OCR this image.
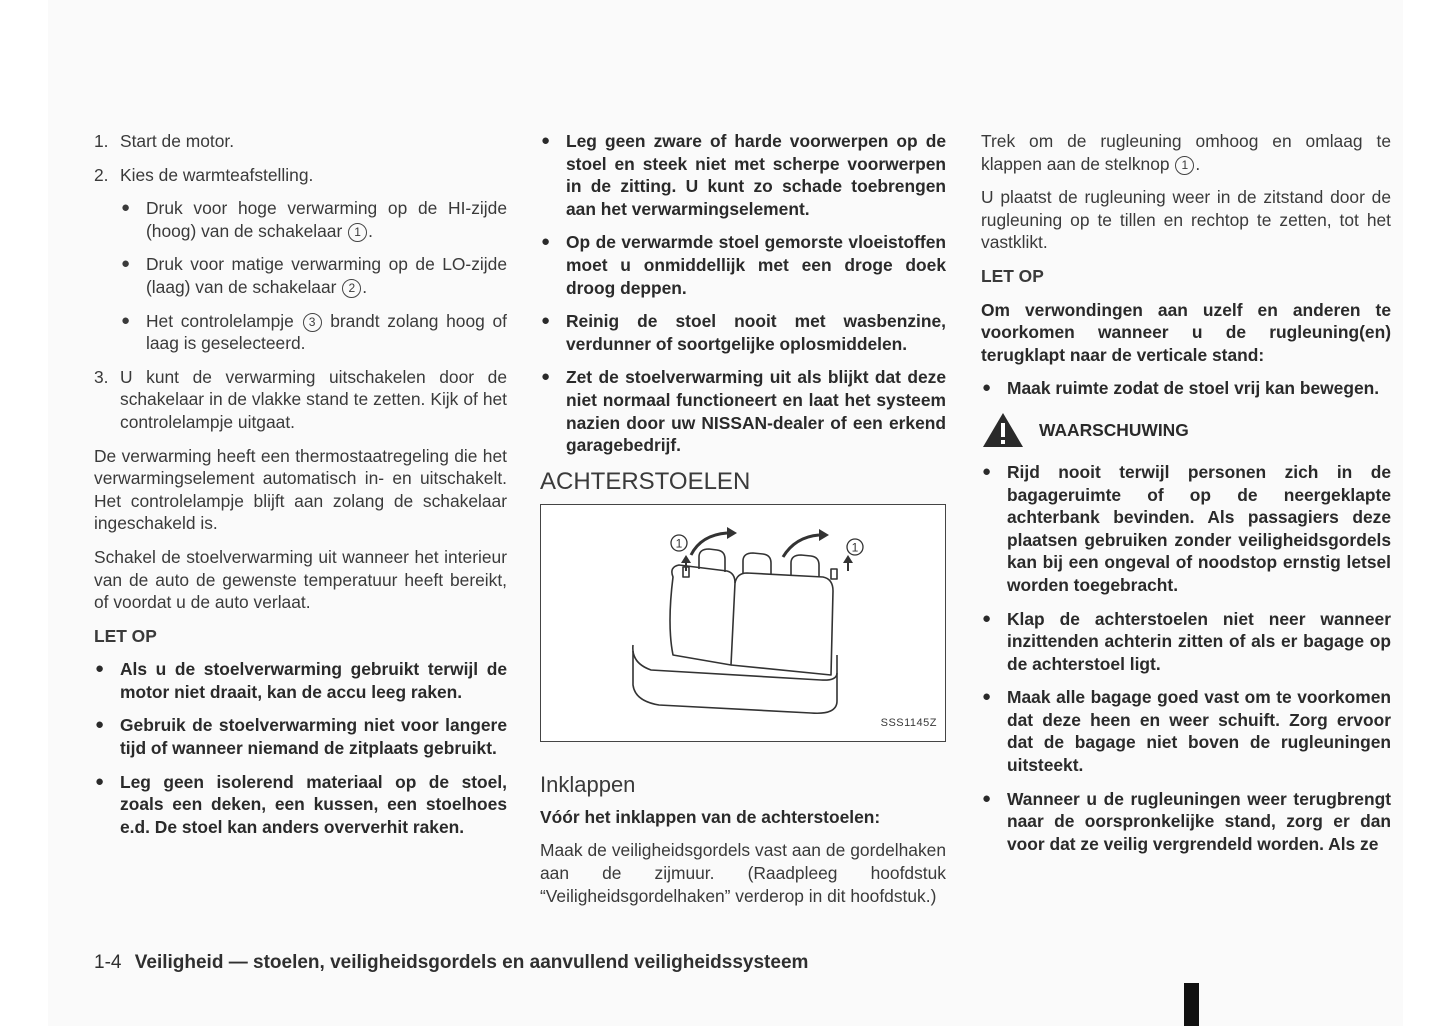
1. Start de motor.
2. Kies de warmteafstelling.
● Druk voor hoge verwarming op de HI-zijde (hoog) van de schakelaar 1 .
● Druk voor matige verwarming op de LO-zijde (laag) van de schakelaar 2 .
● Het controlelampje 3 brandt zolang hoog of laag is geselecteerd.
3. U kunt de verwarming uitschakelen door de schakelaar in de vlakke stand te zetten. Kijk of het controlelampje uitgaat.

De verwarming heeft een thermostaatregeling die het verwarmingselement automatisch in- en uitschakelt. Het controlelampje blijft aan zolang de schakelaar ingeschakeld is.

Schakel de stoelverwarming uit wanneer het interieur van de auto de gewenste temperatuur heeft bereikt, of voordat u de auto verlaat.

LET OP
● Als u de stoelverwarming gebruikt terwijl de motor niet draait, kan de accu leeg raken.
● Gebruik de stoelverwarming niet voor langere tijd of wanneer niemand de zitplaats gebruikt.
● Leg geen isolerend materiaal op de stoel, zoals een deken, een kussen, een stoelhoes e.d. De stoel kan anders oververhit raken.
● Leg geen zware of harde voorwerpen op de stoel en steek niet met scherpe voorwerpen in de zitting. U kunt zo schade toebrengen aan het verwarmingselement.
● Op de verwarmde stoel gemorste vloeistoffen moet u onmiddellijk met een droge doek droog deppen.
● Reinig de stoel nooit met wasbenzine, verdunner of soortgelijke oplosmiddelen.
● Zet de stoelverwarming uit als blijkt dat deze niet normaal functioneert en laat het systeem nazien door uw NISSAN-dealer of een erkend garagebedrijf.
ACHTERSTOELEN
1	1
SSS1145Z
Inklappen

Vóór het inklappen van de achterstoelen:

Maak de veiligheidsgordels vast aan de gordelhaken aan de zijmuur. (Raadpleeg hoofdstuk “Veiligheidsgordelhaken” verderop in dit hoofdstuk.)

Trek om de rugleuning omhoog en omlaag te klappen aan de stelknop 1 .

U plaatst de rugleuning weer in de zitstand door de rugleuning op te tillen en rechtop te zetten, tot het vastklikt.

LET OP

Om verwondingen aan uzelf en anderen te voorkomen wanneer u de rugleuning(en) terugklapt naar de verticale stand:

● Maak ruimte zodat de stoel vrij kan bewegen.
WAARSCHUWING
● Rijd nooit terwijl personen zich in de bagageruimte of op de neergeklapte achterbank bevinden. Als passagiers deze plaatsen gebruiken zonder veiligheidsgordels kan bij een ongeval of noodstop ernstig letsel worden toegebracht.
● Klap de achterstoelen niet neer wanneer inzittenden achterin zitten of als er bagage op de achterstoel ligt.
● Maak alle bagage goed vast om te voorkomen dat deze heen en weer schuift. Zorg ervoor dat de bagage niet boven de rugleuningen uitsteekt.
● Wanneer u de rugleuningen weer terugbrengt naar de oorspronkelijke stand, zorg er dan voor dat ze veilig vergrendeld worden. Als ze
1-4 Veiligheid — stoelen, veiligheidsgordels en aanvullend veiligheidssysteem
